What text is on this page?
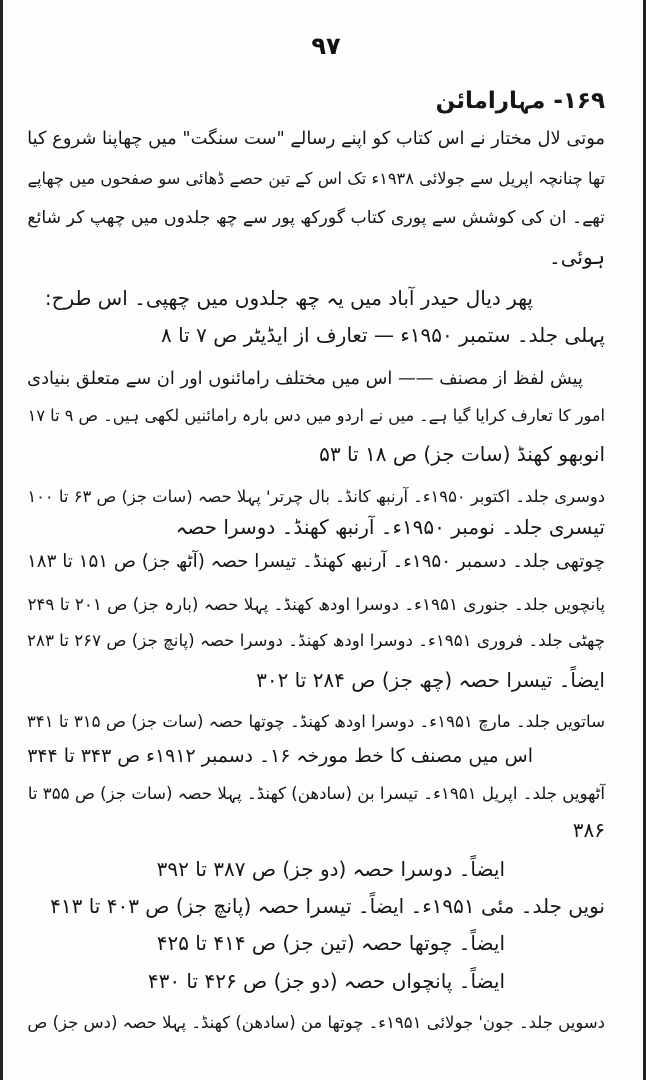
۹۷
۱۶۹- مہارامائن
موتی لال مختار نے اس کتاب کو اپنے رسالے "ست سنگت" میں چھاپنا شروع کیا
تھا چنانچہ اپریل سے جولائی ۱۹۳۸ء تک اس کے تین حصے ڈھائی سو صفحوں میں چھاپے
تھے۔ ان کی کوشش سے پوری کتاب گورکھ پور سے چھ جلدوں میں چھپ کر شائع
ہوئی۔
پھر دیال حیدر آباد میں یہ چھ جلدوں میں چھپی۔ اس طرح:
پہلی جلد۔ ستمبر ۱۹۵۰ء — تعارف از ایڈیٹر ص ۷ تا ۸
پیش لفظ از مصنف —— اس میں مختلف رامائنوں اور ان سے متعلق بنیادی
امور کا تعارف کرایا گیا ہے۔ میں نے اردو میں دس بارہ رامائنیں لکھی ہیں۔ ص ۹ تا ۱۷
انوبھو کھنڈ (سات جز) ص ۱۸ تا ۵۳
دوسری جلد۔ اکتوبر ۱۹۵۰ء۔ آرنبھ کانڈ۔ بال چرتر' پہلا حصہ (سات جز) ص ۶۳ تا ۱۰۰
تیسری جلد۔ نومبر ۱۹۵۰ء۔ آرنبھ کھنڈ۔ دوسرا حصہ
چوتھی جلد۔ دسمبر ۱۹۵۰ء۔ آرنبھ کھنڈ۔ تیسرا حصہ (آٹھ جز) ص ۱۵۱ تا ۱۸۳
پانچویں جلد۔ جنوری ۱۹۵۱ء۔ دوسرا اودھ کھنڈ۔ پہلا حصہ (بارہ جز) ص ۲۰۱ تا ۲۴۹
چھٹی جلد۔ فروری ۱۹۵۱ء۔ دوسرا اودھ کھنڈ۔ دوسرا حصہ (پانچ جز) ص ۲۶۷ تا ۲۸۳
ایضاً۔ تیسرا حصہ (چھ جز) ص ۲۸۴ تا ۳۰۲
ساتویں جلد۔ مارچ ۱۹۵۱ء۔ دوسرا اودھ کھنڈ۔ چوتھا حصہ (سات جز) ص ۳۱۵ تا ۳۴۱
اس میں مصنف کا خط مورخہ ۱۶۔ دسمبر ۱۹۱۲ء ص ۳۴۳ تا ۳۴۴
آٹھویں جلد۔ اپریل ۱۹۵۱ء۔ تیسرا بن (سادھن) کھنڈ۔ پہلا حصہ (سات جز) ص ۳۵۵ تا
۳۸۶
ایضاً۔ دوسرا حصہ (دو جز) ص ۳۸۷ تا ۳۹۲
نویں جلد۔ مئی ۱۹۵۱ء۔ ایضاً۔ تیسرا حصہ (پانچ جز) ص ۴۰۳ تا ۴۱۳
ایضاً۔ چوتھا حصہ (تین جز) ص ۴۱۴ تا ۴۲۵
ایضاً۔ پانچواں حصہ (دو جز) ص ۴۲۶ تا ۴۳۰
دسویں جلد۔ جون' جولائی ۱۹۵۱ء۔ چوتھا من (سادھن) کھنڈ۔ پہلا حصہ (دس جز) ص
